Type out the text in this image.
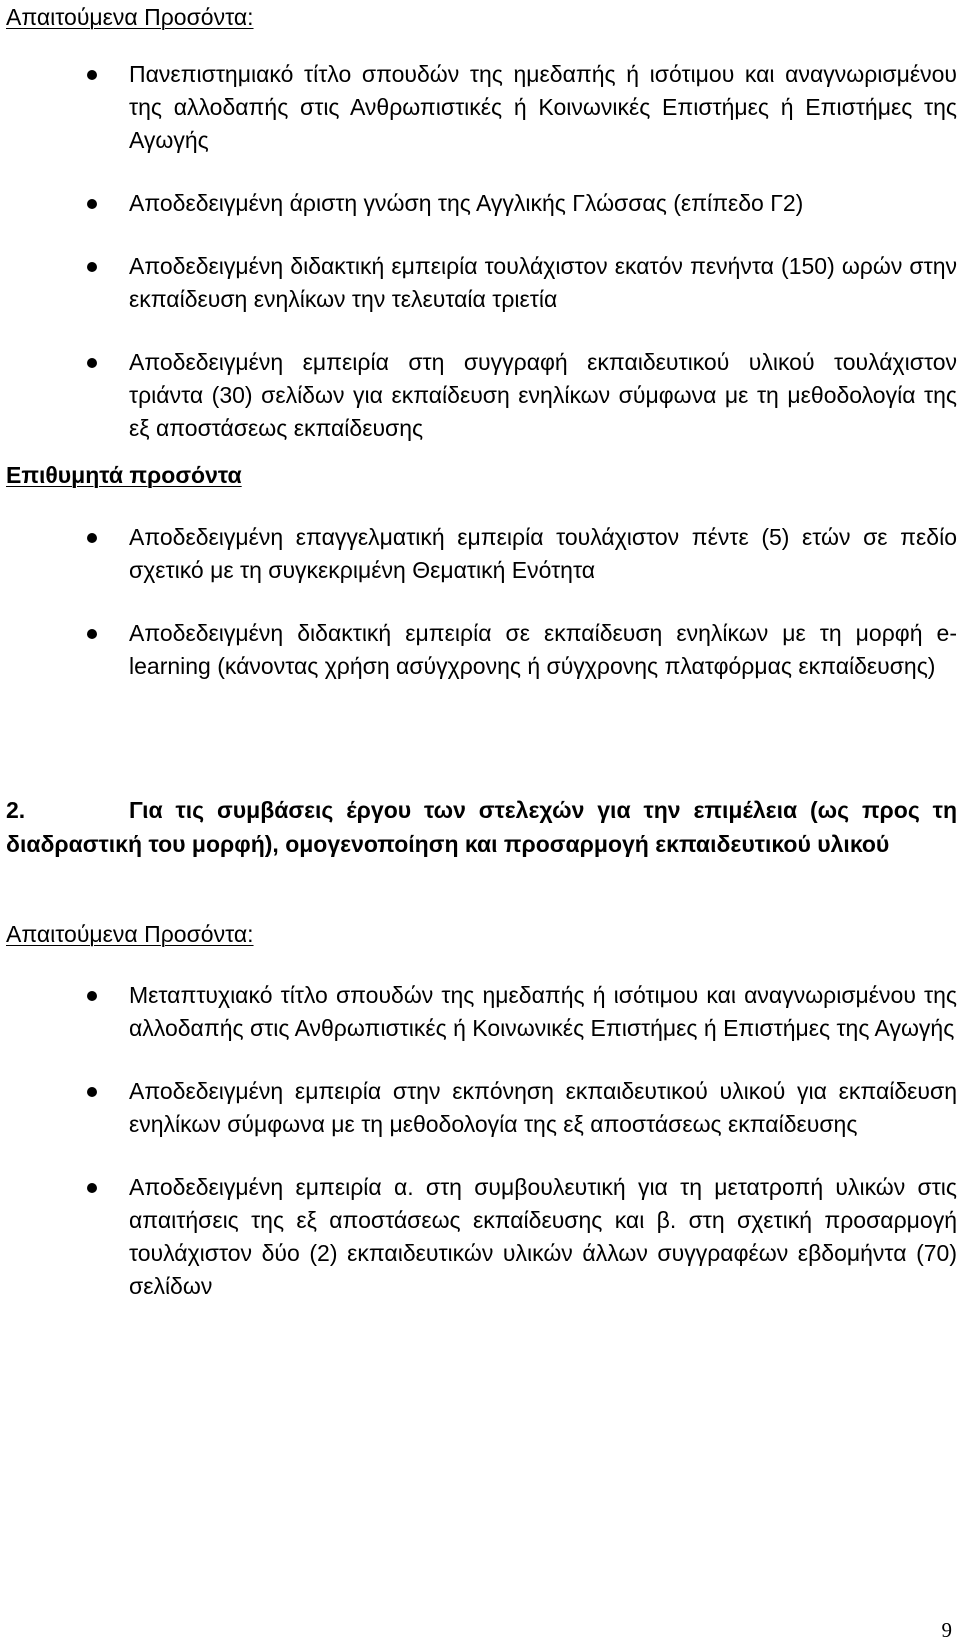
Απαιτούμενα Προσόντα:

Πανεπιστημιακό τίτλο σπουδών της ημεδαπής ή ισότιμου και αναγνωρισμένου της αλλοδαπής στις Ανθρωπιστικές ή Κοινωνικές Επιστήμες ή Επιστήμες της Αγωγής

Αποδεδειγμένη άριστη γνώση της Αγγλικής Γλώσσας (επίπεδο Γ2)

Αποδεδειγμένη διδακτική εμπειρία τουλάχιστον εκατόν πενήντα (150) ωρών στην εκπαίδευση ενηλίκων την τελευταία τριετία

Αποδεδειγμένη εμπειρία στη συγγραφή εκπαιδευτικού υλικού τουλάχιστον τριάντα (30) σελίδων για εκπαίδευση ενηλίκων σύμφωνα με τη μεθοδολογία της εξ αποστάσεως εκπαίδευσης

Επιθυμητά προσόντα

Αποδεδειγμένη επαγγελματική εμπειρία τουλάχιστον πέντε (5) ετών σε πεδίο σχετικό με τη συγκεκριμένη Θεματική Ενότητα

Αποδεδειγμένη διδακτική εμπειρία σε εκπαίδευση ενηλίκων με τη μορφή e-learning (κάνοντας χρήση ασύγχρονης ή σύγχρονης πλατφόρμας εκπαίδευσης)

2.	Για τις συμβάσεις έργου των στελεχών για την επιμέλεια (ως προς τη διαδραστική του μορφή), ομογενοποίηση και προσαρμογή εκπαιδευτικού υλικού

Απαιτούμενα Προσόντα:

Μεταπτυχιακό τίτλο σπουδών της ημεδαπής ή ισότιμου και αναγνωρισμένου της αλλοδαπής στις Ανθρωπιστικές ή Κοινωνικές Επιστήμες ή Επιστήμες της Αγωγής

Αποδεδειγμένη εμπειρία στην εκπόνηση εκπαιδευτικού υλικού για εκπαίδευση ενηλίκων σύμφωνα με τη μεθοδολογία της εξ αποστάσεως εκπαίδευσης

Αποδεδειγμένη εμπειρία α. στη συμβουλευτική για τη μετατροπή υλικών στις απαιτήσεις της εξ αποστάσεως εκπαίδευσης και β. στη σχετική προσαρμογή τουλάχιστον δύο (2) εκπαιδευτικών υλικών άλλων συγγραφέων εβδομήντα (70) σελίδων

9
